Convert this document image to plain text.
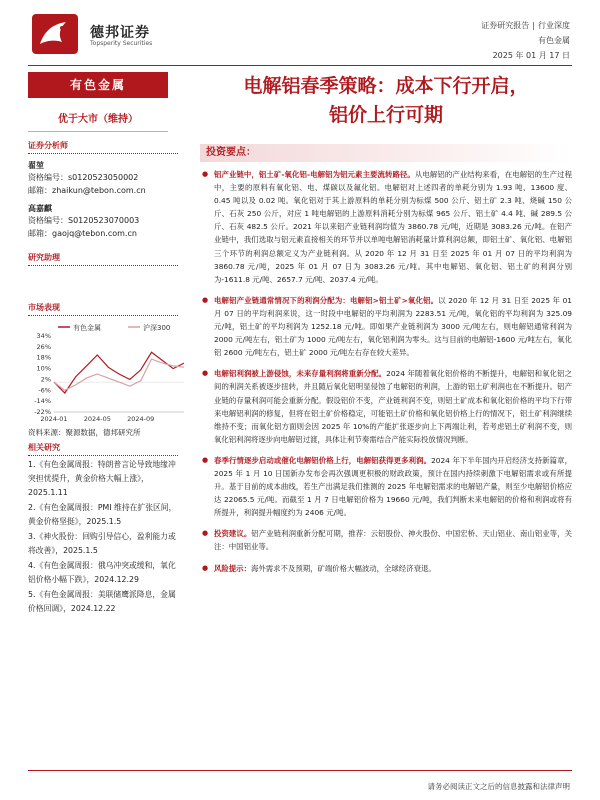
德邦证券
Topsperity Securities
证券研究报告 | 行业深度
有色金属
2025 年 01 月 17 日
有色金属
优于大市（维持）
证券分析师
翟堃
资格编号：s0120523050002
邮箱：zhaikun@tebon.com.cn
高嘉麒
资格编号：S0120523070003
邮箱：gaojq@tebon.com.cn
研究助理
市场表现
有色金属	沪深300
34%
26%
18%
10%
2%
-6%
-14%
-22%
2024-01 2024-05 2024-09
资料来源：聚源数据，德邦研究所
相关研究
1.《有色金属周报：特朗普言论导致地缘冲突担忧提升，黄金价格大幅上涨》，2025.1.11
2.《有色金属周报：PMI 维持在扩张区间，黄金价格坚挺》，2025.1.5
3.《神火股份：回购引导信心，盈利能力或将改善》，2025.1.5
4.《有色金属周报：俄乌冲突或缓和，氧化铝价格小幅下跌》，2024.12.29
5.《有色金属周报：美联储鹰派降息，金属价格回调》，2024.12.22
电解铝春季策略：成本下行开启，
铝价上行可期
投资要点：
● 铝产业链中，铝土矿-氧化铝-电解铝为铝元素主要流转路径。从电解铝的产业结构来看，在电解铝的生产过程中，主要的原料有氧化铝、电、煤碳以及氟化铝。电解铝对上述四者的单耗分别为 1.93 吨、13600 度、0.45 吨以及 0.02 吨。氧化铝对于其上游原料的单耗分别为标煤 500 公斤、铝土矿 2.3 吨、烧碱 150 公斤、石灰 250 公斤，对应 1 吨电解铝的上游原料消耗分别为标煤 965 公斤、铝土矿 4.4 吨、碱 289.5 公斤、石灰 482.5 公斤。2021 年以来铝产业链利润均值为 3860.78 元/吨，近期是 3083.26 元/吨。在铝产业链中，我们选取与铝元素直接相关的环节并以单吨电解铝消耗量计算利润总额，即铝土矿、氧化铝、电解铝三个环节的利润总额定义为产业链利润。从 2020 年 12 月 31 日至 2025 年 01 月 07 日的平均利润为 3860.78 元/吨，2025 年 01 月 07 日为 3083.26 元/吨。其中电解铝、氧化铝、铝土矿的利润分别为-1611.8 元/吨、2657.7 元/吨、2037.4 元/吨。
● 电解铝产业链通常情况下的利润分配为：电解铝>铝土矿>氧化铝。以 2020 年 12 月 31 日至 2025 年 01 月 07 日的平均利润来说，这一时段中电解铝的平均利润为 2283.51 元/吨，氧化铝的平均利润为 325.09 元/吨，铝土矿的平均利润为 1252.18 元/吨。即如果产业链利润为 3000 元/吨左右，则电解铝通常利润为 2000 元/吨左右，铝土矿为 1000 元/吨左右，氧化铝利润为零头。这与目前的电解铝-1600 元/吨左右，氧化铝 2600 元/吨左右，铝土矿 2000 元/吨左右存在较大差异。
● 电解铝利润被上游侵蚀，未来存量利润将重新分配。2024 年随着氧化铝价格的不断提升，电解铝和氧化铝之间的利润关系被逐步扭转，并且随后氧化铝明显侵蚀了电解铝的利润，上游的铝土矿利润也在不断提升。铝产业链的存量利润可能会重新分配。假设铝价不变，产业链利润不变，则铝土矿成本和氧化铝价格的平均下行带来电解铝利润的修复，但将在铝土矿价格稳定，可能铝土矿价格和氧化铝价格上行的情况下，铝土矿利润继续维持不变；而氧化铝方面则会因 2025 年 10%的产能扩张逐步向上下两端让利，若考虑铝土矿利润不变，则氧化铝利润将逐步向电解铝过渡，具体让利节奏需结合产能实际投放情况判断。
● 春季行情逐步启动或催化电解铝价格上行，电解铝获得更多利润。2024 年下半年国内开启经济支持新篇章，2025 年 1 月 10 日国新办发布会再次强调更积极的财政政策，预计在国内持续刺激下电解铝需求或有所提升。基于目前的成本曲线，若生产出满足我们推测的 2025 年电解铝需求的电解铝产量，则至少电解铝价格应达 22065.5 元/吨。而截至 1 月 7 日电解铝价格为 19660 元/吨，我们判断未来电解铝的价格和利润或将有所提升，利润提升幅度约为 2406 元/吨。
● 投资建议。铝产业链利润重新分配可期，推荐：云铝股份、神火股份、中国宏桥、天山铝业、南山铝业等，关注：中国铝业等。
● 风险提示：海外需求不及预期，矿端价格大幅波动，全球经济衰退。
请务必阅读正文之后的信息披露和法律声明
